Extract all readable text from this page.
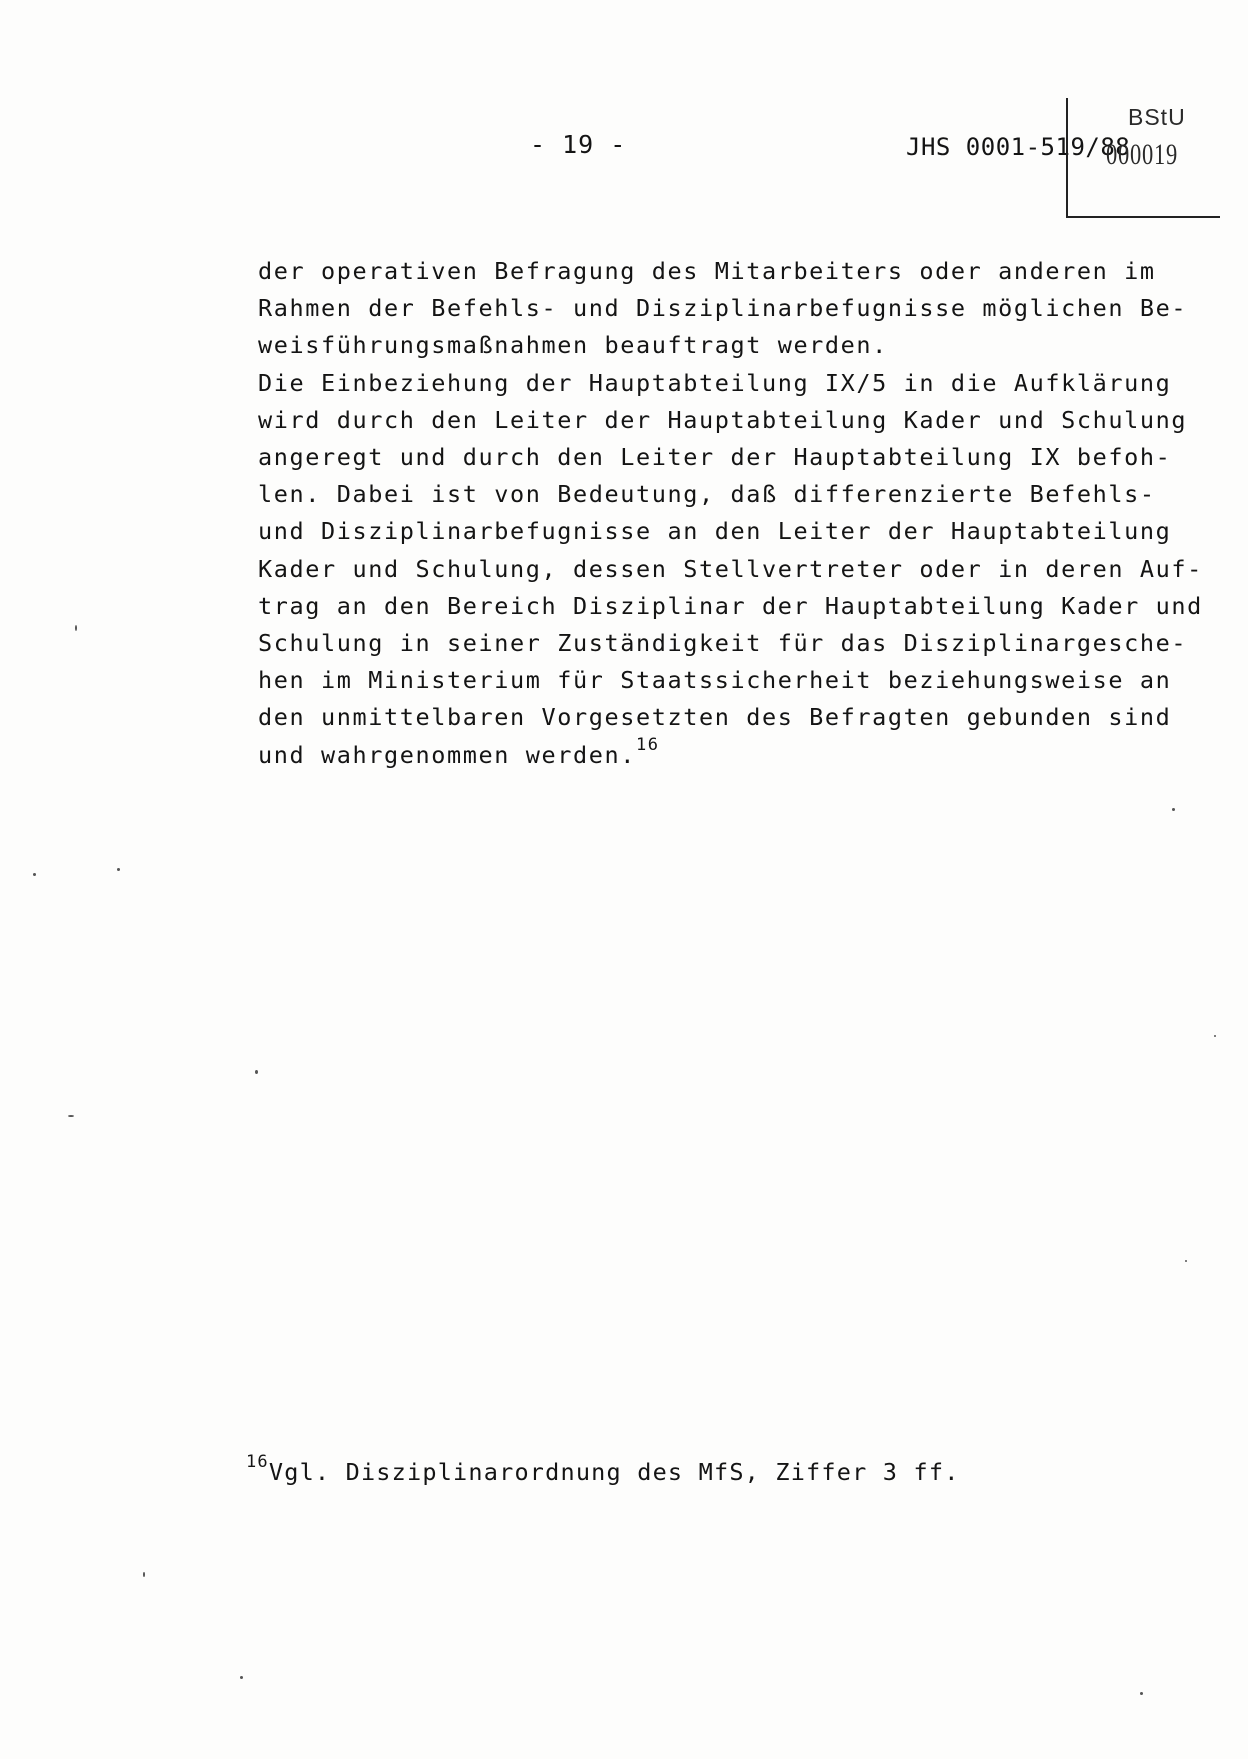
- 19 -	JHS 0001-519/88
BStU
000019
der operativen Befragung des Mitarbeiters oder anderen im
Rahmen der Befehls- und Disziplinarbefugnisse möglichen Be-
weisführungsmaßnahmen beauftragt werden.
Die Einbeziehung der Hauptabteilung IX/5 in die Aufklärung
wird durch den Leiter der Hauptabteilung Kader und Schulung
angeregt und durch den Leiter der Hauptabteilung IX befoh-
len. Dabei ist von Bedeutung, daß differenzierte Befehls-
und Disziplinarbefugnisse an den Leiter der Hauptabteilung
Kader und Schulung, dessen Stellvertreter oder in deren Auf-
trag an den Bereich Disziplinar der Hauptabteilung Kader und
Schulung in seiner Zuständigkeit für das Disziplinargesche-
hen im Ministerium für Staatssicherheit beziehungsweise an
den unmittelbaren Vorgesetzten des Befragten gebunden sind
und wahrgenommen werden.$^{16}$
$^{16}$Vgl. Disziplinarordnung des MfS, Ziffer 3 ff.
